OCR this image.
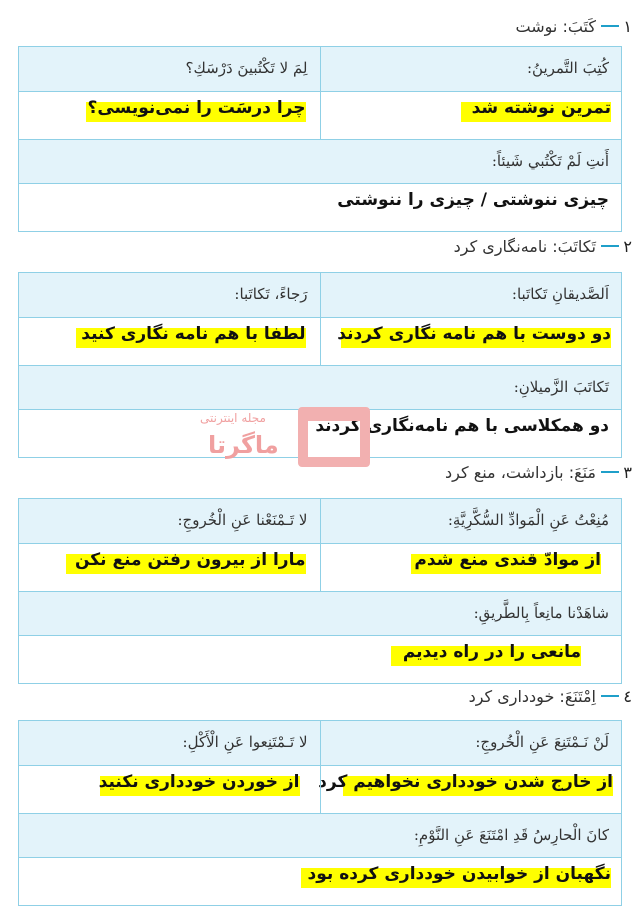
١
كَتَبَ: نوشت
كُتِبَ التَّمرينُ:
لِمَ لا تَكْتُبينَ دَرْسَكِ؟
تمرین نوشته شد
چرا درسَت را نمی‌نویسی؟
أَنتِ لَمْ تَكْتُبي شَيئاً:
چیزی ننوشتی / چیزی را ننوشتی
٢
تَكاتَبَ: نامه‌نگاری کرد
اَلصَّديقانِ تَكاتَبا:
رَجاءً، تَكاتَبا:
دو دوست با هم نامه نگاری کردند
لطفا با هم نامه نگاری کنید
تَكاتَبَ الزَّميلانِ:
دو همکلاسی با هم نامه‌نگاری کردند
٣
مَنَعَ: بازداشت، منع کرد
مُنِعْتُ عَنِ الْمَوادِّ السُّكَّرِيَّةِ:
لا تَـمْنَعْنا عَنِ الْخُروجِ:
از موادّ قندی منع شدم
مارا از بیرون رفتن منع نکن
شاهَدْنا مانِعاً بِالطَّريقِ:
مانعی را در راه دیدیم
٤
اِمْتَنَعَ: خودداری کرد
لَنْ نَـمْتَنِعَ عَنِ الْخُروجِ:
لا تَـمْتَنِعوا عَنِ الْأَكْلِ:
از خارج شدن خودداری نخواهیم کرد
از خوردن خودداری نکنید
كانَ الْحارِسُ قَدِ امْتَنَعَ عَنِ النَّوْمِ:
نگهبان از خوابیدن خودداری کرده بود
مجله اینترنتی
ماگرتا
